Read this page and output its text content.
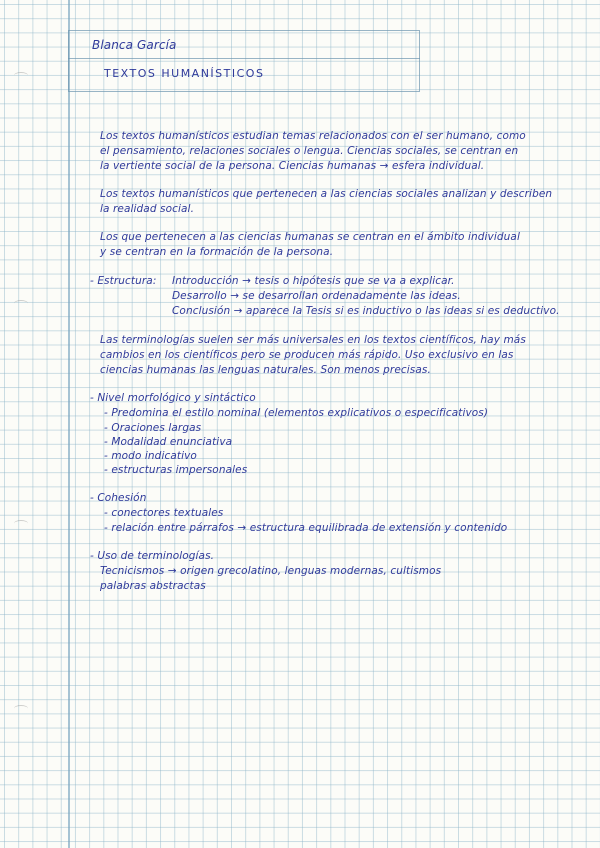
Blanca García
TEXTOS HUMANÍSTICOS
Los textos humanísticos estudian temas relacionados con el ser humano, como
el pensamiento, relaciones sociales o lengua. Ciencias sociales, se centran en
la vertiente social de la persona. Ciencias humanas → esfera individual.
Los textos humanísticos que pertenecen a las ciencias sociales analizan y describen
la realidad social.
Los que pertenecen a las ciencias humanas se centran en el ámbito individual
y se centran en la formación de la persona.
- Estructura: Introducción → tesis o hipótesis que se va a explicar.
Desarrollo → se desarrollan ordenadamente las ideas.
Conclusión → aparece la Tesis si es inductivo o las ideas si es deductivo.
Las terminologías suelen ser más universales en los textos científicos, hay más
cambios en los científicos pero se producen más rápido. Uso exclusivo en las
ciencias humanas las lenguas naturales. Son menos precisas.
- Nivel morfológico y sintáctico
- Predomina el estilo nominal (elementos explicativos o especificativos)
- Oraciones largas
- Modalidad enunciativa
- modo indicativo
- estructuras impersonales
- Cohesión
- conectores textuales
- relación entre párrafos → estructura equilibrada de extensión y contenido
- Uso de terminologías.
Tecnicismos → origen grecolatino, lenguas modernas, cultismos
palabras abstractas
